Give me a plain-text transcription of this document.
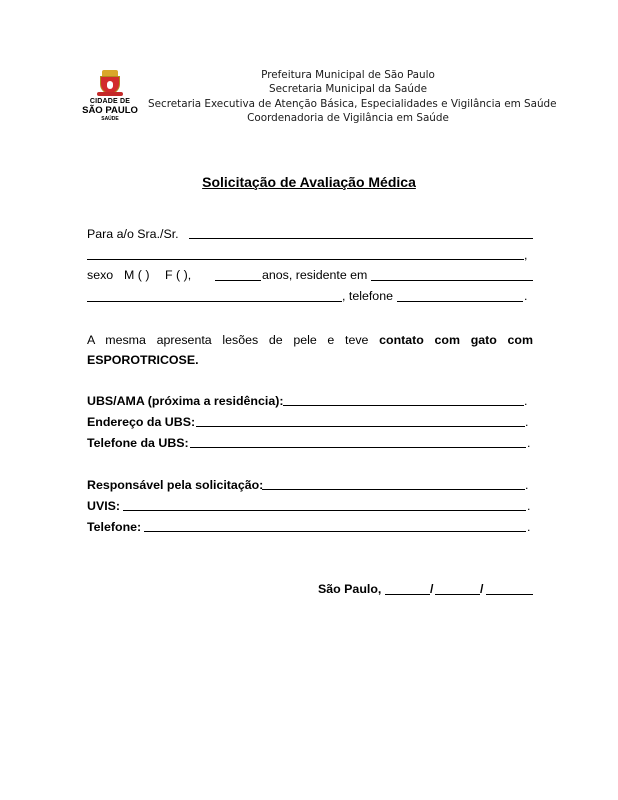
CIDADE DE
SÃO PAULO
SAÚDE
Prefeitura Municipal de São Paulo
Secretaria Municipal da Saúde
Secretaria Executiva de Atenção Básica, Especialidades e Vigilância em Saúde
Coordenadoria de Vigilância em Saúde
Solicitação de Avaliação Médica
Para a/o Sra./Sr.
,
sexo M ( ) F ( ),	anos, residente em
, telefone	.
A mesma apresenta lesões de pele e teve contato com gato com
ESPOROTRICOSE.
UBS/AMA (próxima a residência):	.
Endereço da UBS:	.
Telefone da UBS:	.
Responsável pela solicitação:	.
UVIS:	.
Telefone:	.
São Paulo,	/	/
